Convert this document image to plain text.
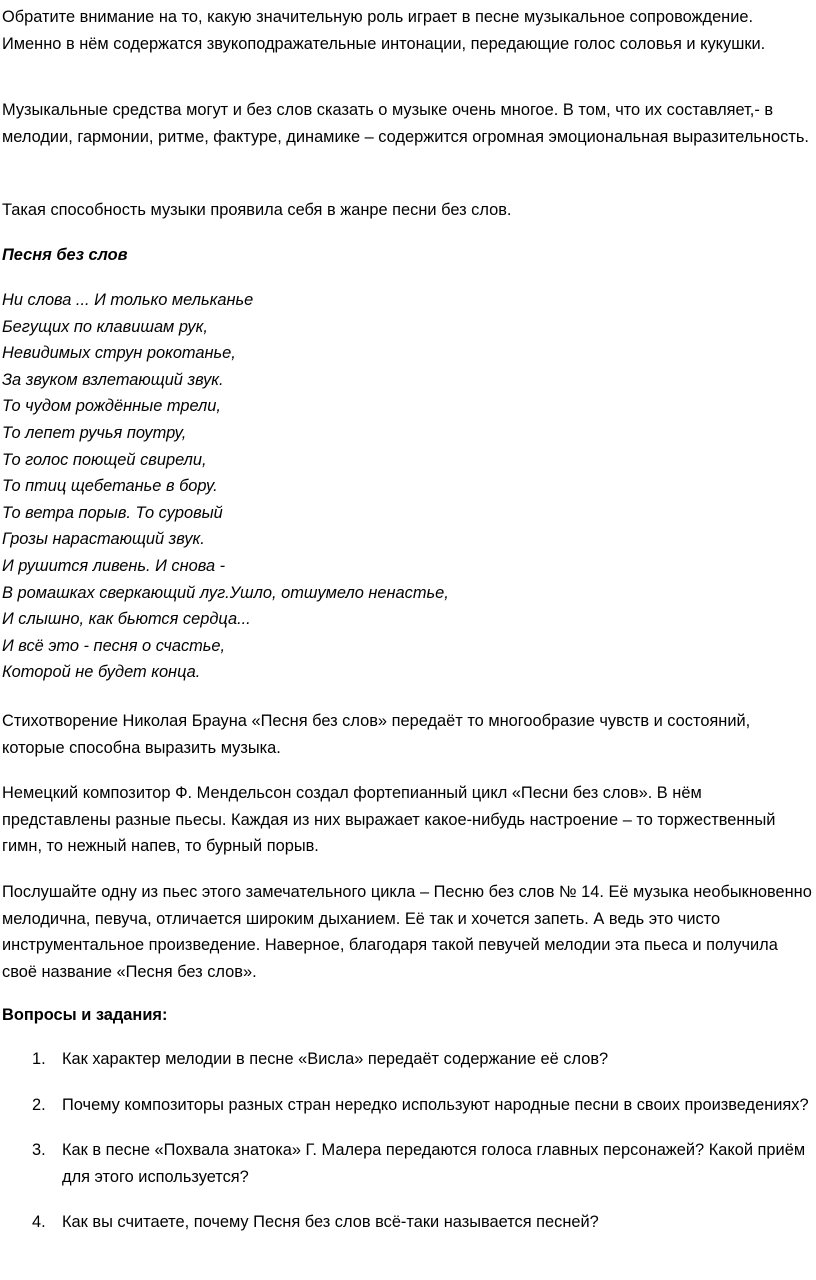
Обратите внимание на то, какую значительную роль играет в песне музыкальное сопровождение. Именно в нём содержатся звукоподражательные интонации, передающие голос соловья и кукушки.

Музыкальные средства могут и без слов сказать о музыке очень многое. В том, что их составляет,- в мелодии, гармонии, ритме, фактуре, динамике – содержится огромная эмоциональная выразительность.

Такая способность музыки проявила себя в жанре песни без слов.

Песня без слов
Ни слова ... И только мельканье
Бегущих по клавишам рук,
Невидимых струн рокотанье,
За звуком взлетающий звук.
То чудом рождённые трели,
То лепет ручья поутру,
То голос поющей свирели,
То птиц щебетанье в бору.
То ветра порыв. То суровый
Грозы нарастающий звук.
И рушится ливень. И снова -
В ромашках сверкающий луг.Ушло, отшумело ненастье,
И слышно, как бьются сердца...
И всё это - песня о счастье,
Которой не будет конца.

Стихотворение Николая Брауна «Песня без слов» передаёт то многообразие чувств и состояний, которые способна выразить музыка.

Немецкий композитор Ф. Мендельсон создал фортепианный цикл «Песни без слов». В нём представлены разные пьесы. Каждая из них выражает какое-нибудь настроение – то торжественный гимн, то нежный напев, то бурный порыв.

Послушайте одну из пьес этого замечательного цикла – Песню без слов № 14. Её музыка необыкновенно мелодична, певуча, отличается широким дыханием. Её так и хочется запеть. А ведь это чисто инструментальное произведение. Наверное, благодаря такой певучей мелодии эта пьеса и получила своё название «Песня без слов».

Вопросы и задания:
1. Как характер мелодии в песне «Висла» передаёт содержание её слов?
2. Почему композиторы разных стран нередко используют народные песни в своих произведениях?
3. Как в песне «Похвала знатока» Г. Малера передаются голоса главных персонажей? Какой приём для этого используется?
4. Как вы считаете, почему Песня без слов всё-таки называется песней?
